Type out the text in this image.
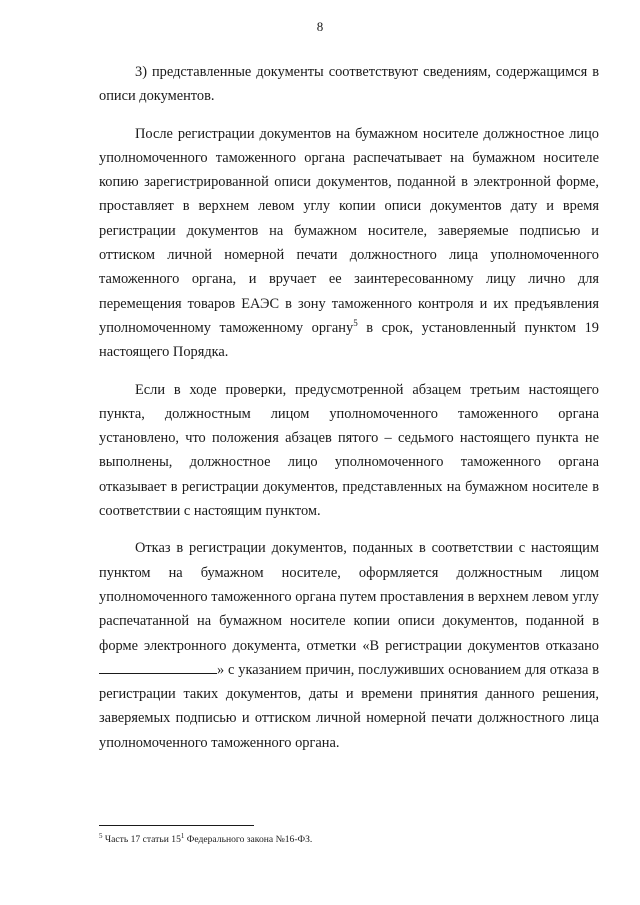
8

3) представленные документы соответствуют сведениям, содержащимся в описи документов.

После регистрации документов на бумажном носителе должностное лицо уполномоченного таможенного органа распечатывает на бумажном носителе копию зарегистрированной описи документов, поданной в электронной форме, проставляет в верхнем левом углу копии описи документов дату и время регистрации документов на бумажном носителе, заверяемые подписью и оттиском личной номерной печати должностного лица уполномоченного таможенного органа, и вручает ее заинтересованному лицу лично для перемещения товаров ЕАЭС в зону таможенного контроля и их предъявления уполномоченному таможенному органу$^5$ в срок, установленный пунктом 19 настоящего Порядка.

Если в ходе проверки, предусмотренной абзацем третьим настоящего пункта, должностным лицом уполномоченного таможенного органа установлено, что положения абзацев пятого – седьмого настоящего пункта не выполнены, должностное лицо уполномоченного таможенного органа отказывает в регистрации документов, представленных на бумажном носителе в соответствии с настоящим пунктом.

Отказ в регистрации документов, поданных в соответствии с настоящим пунктом на бумажном носителе, оформляется должностным лицом уполномоченного таможенного органа путем проставления в верхнем левом углу распечатанной на бумажном носителе копии описи документов, поданной в форме электронного документа, отметки «В регистрации документов отказано » с указанием причин, послуживших основанием для отказа в регистрации таких документов, даты и времени принятия данного решения, заверяемых подписью и оттиском личной номерной печати должностного лица уполномоченного таможенного органа.

$^5$ Часть 17 статьи $15^1$ Федерального закона №16-ФЗ.
